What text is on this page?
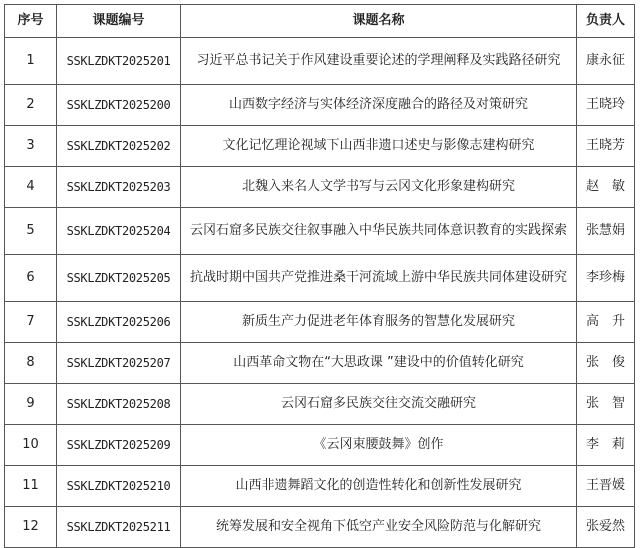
序号	课题编号	课题名称	负责人
1	SSKLZDKT2025201	习近平总书记关于作风建设重要论述的学理阐释及实践路径研究	康永征
2	SSKLZDKT2025200	山西数字经济与实体经济深度融合的路径及对策研究	王晓玲
3	SSKLZDKT2025202	文化记忆理论视域下山西非遗口述史与影像志建构研究	王晓芳
4	SSKLZDKT2025203	北魏入来名人文学书写与云冈文化形象建构研究	赵　敏
5	SSKLZDKT2025204	云冈石窟多民族交往叙事融入中华民族共同体意识教育的实践探索	张慧娟
6	SSKLZDKT2025205	抗战时期中国共产党推进桑干河流域上游中华民族共同体建设研究	李珍梅
7	SSKLZDKT2025206	新质生产力促进老年体育服务的智慧化发展研究	高　升
8	SSKLZDKT2025207	山西革命文物在“大思政课 ”建设中的价值转化研究	张　俊
9	SSKLZDKT2025208	云冈石窟多民族交往交流交融研究	张　智
10	SSKLZDKT2025209	《云冈束腰鼓舞》创作	李　莉
11	SSKLZDKT2025210	山西非遗舞蹈文化的创造性转化和创新性发展研究	王晋媛
12	SSKLZDKT2025211	统筹发展和安全视角下低空产业安全风险防范与化解研究	张爱然
